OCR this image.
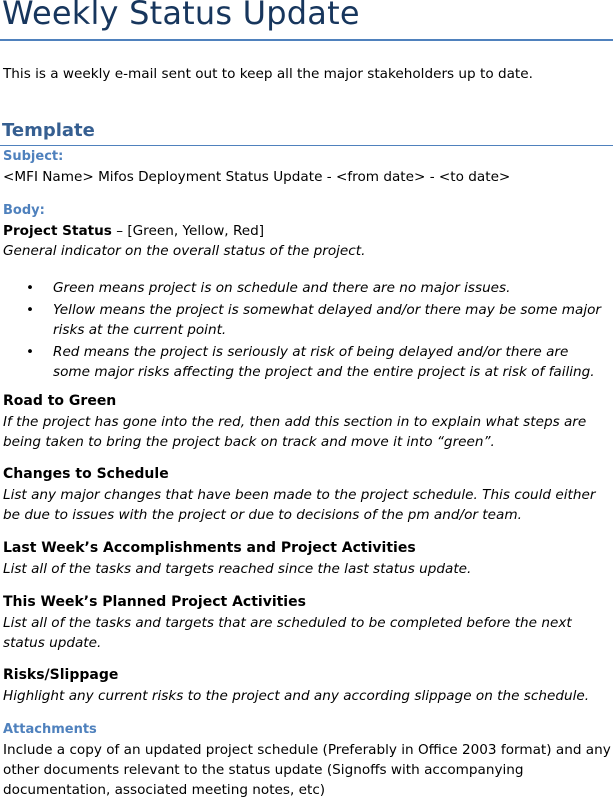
Weekly Status Update
This is a weekly e-mail sent out to keep all the major stakeholders up to date.
Template
Subject:
<MFI Name> Mifos Deployment Status Update - <from date> - <to date>
Body:
Project Status – [Green, Yellow, Red]
General indicator on the overall status of the project.
• Green means project is on schedule and there are no major issues.
• Yellow means the project is somewhat delayed and/or there may be some major risks at the current point.
• Red means the project is seriously at risk of being delayed and/or there are some major risks affecting the project and the entire project is at risk of failing.
Road to Green
If the project has gone into the red, then add this section in to explain what steps are being taken to bring the project back on track and move it into “green”.
Changes to Schedule
List any major changes that have been made to the project schedule. This could either be due to issues with the project or due to decisions of the pm and/or team.
Last Week’s Accomplishments and Project Activities
List all of the tasks and targets reached since the last status update.
This Week’s Planned Project Activities
List all of the tasks and targets that are scheduled to be completed before the next status update.
Risks/Slippage
Highlight any current risks to the project and any according slippage on the schedule.
Attachments
Include a copy of an updated project schedule (Preferably in Office 2003 format) and any other documents relevant to the status update (Signoffs with accompanying documentation, associated meeting notes, etc)
